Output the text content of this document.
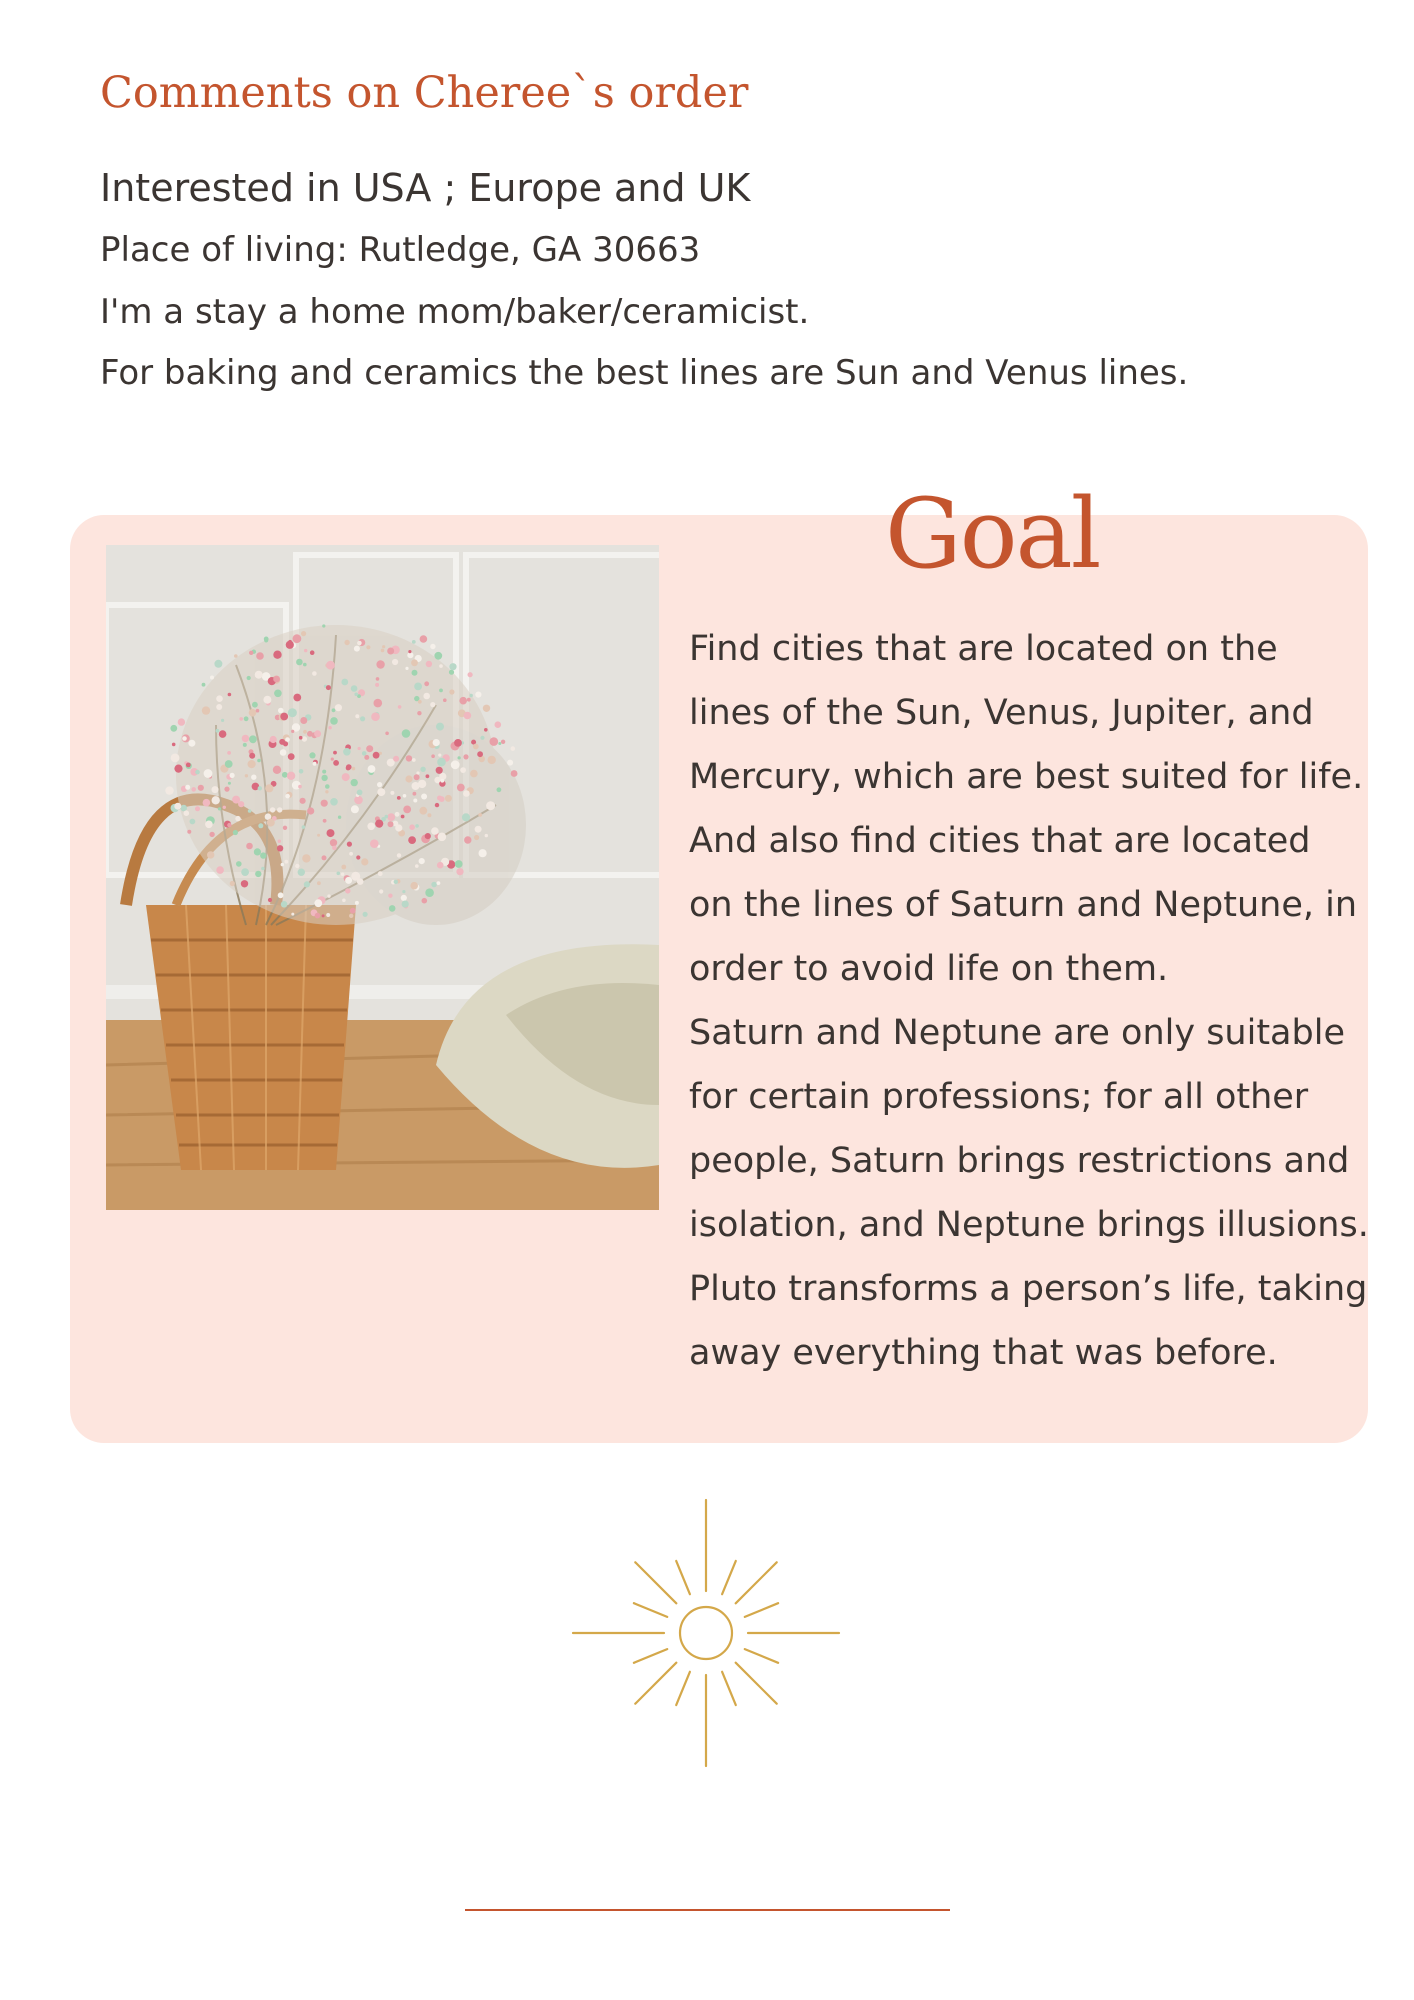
Comments on Cheree`s order

Interested in USA ; Europe and UK

Place of living: Rutledge, GA 30663

I'm a stay a home mom/baker/ceramicist.

For baking and ceramics the best lines are Sun and Venus lines.

Goal

Find cities that are located on the
lines of the Sun, Venus, Jupiter, and
Mercury, which are best suited for life.
And also find cities that are located
on the lines of Saturn and Neptune, in
order to avoid life on them.
Saturn and Neptune are only suitable
for certain professions; for all other
people, Saturn brings restrictions and
isolation, and Neptune brings illusions.
Pluto transforms a person’s life, taking
away everything that was before.
